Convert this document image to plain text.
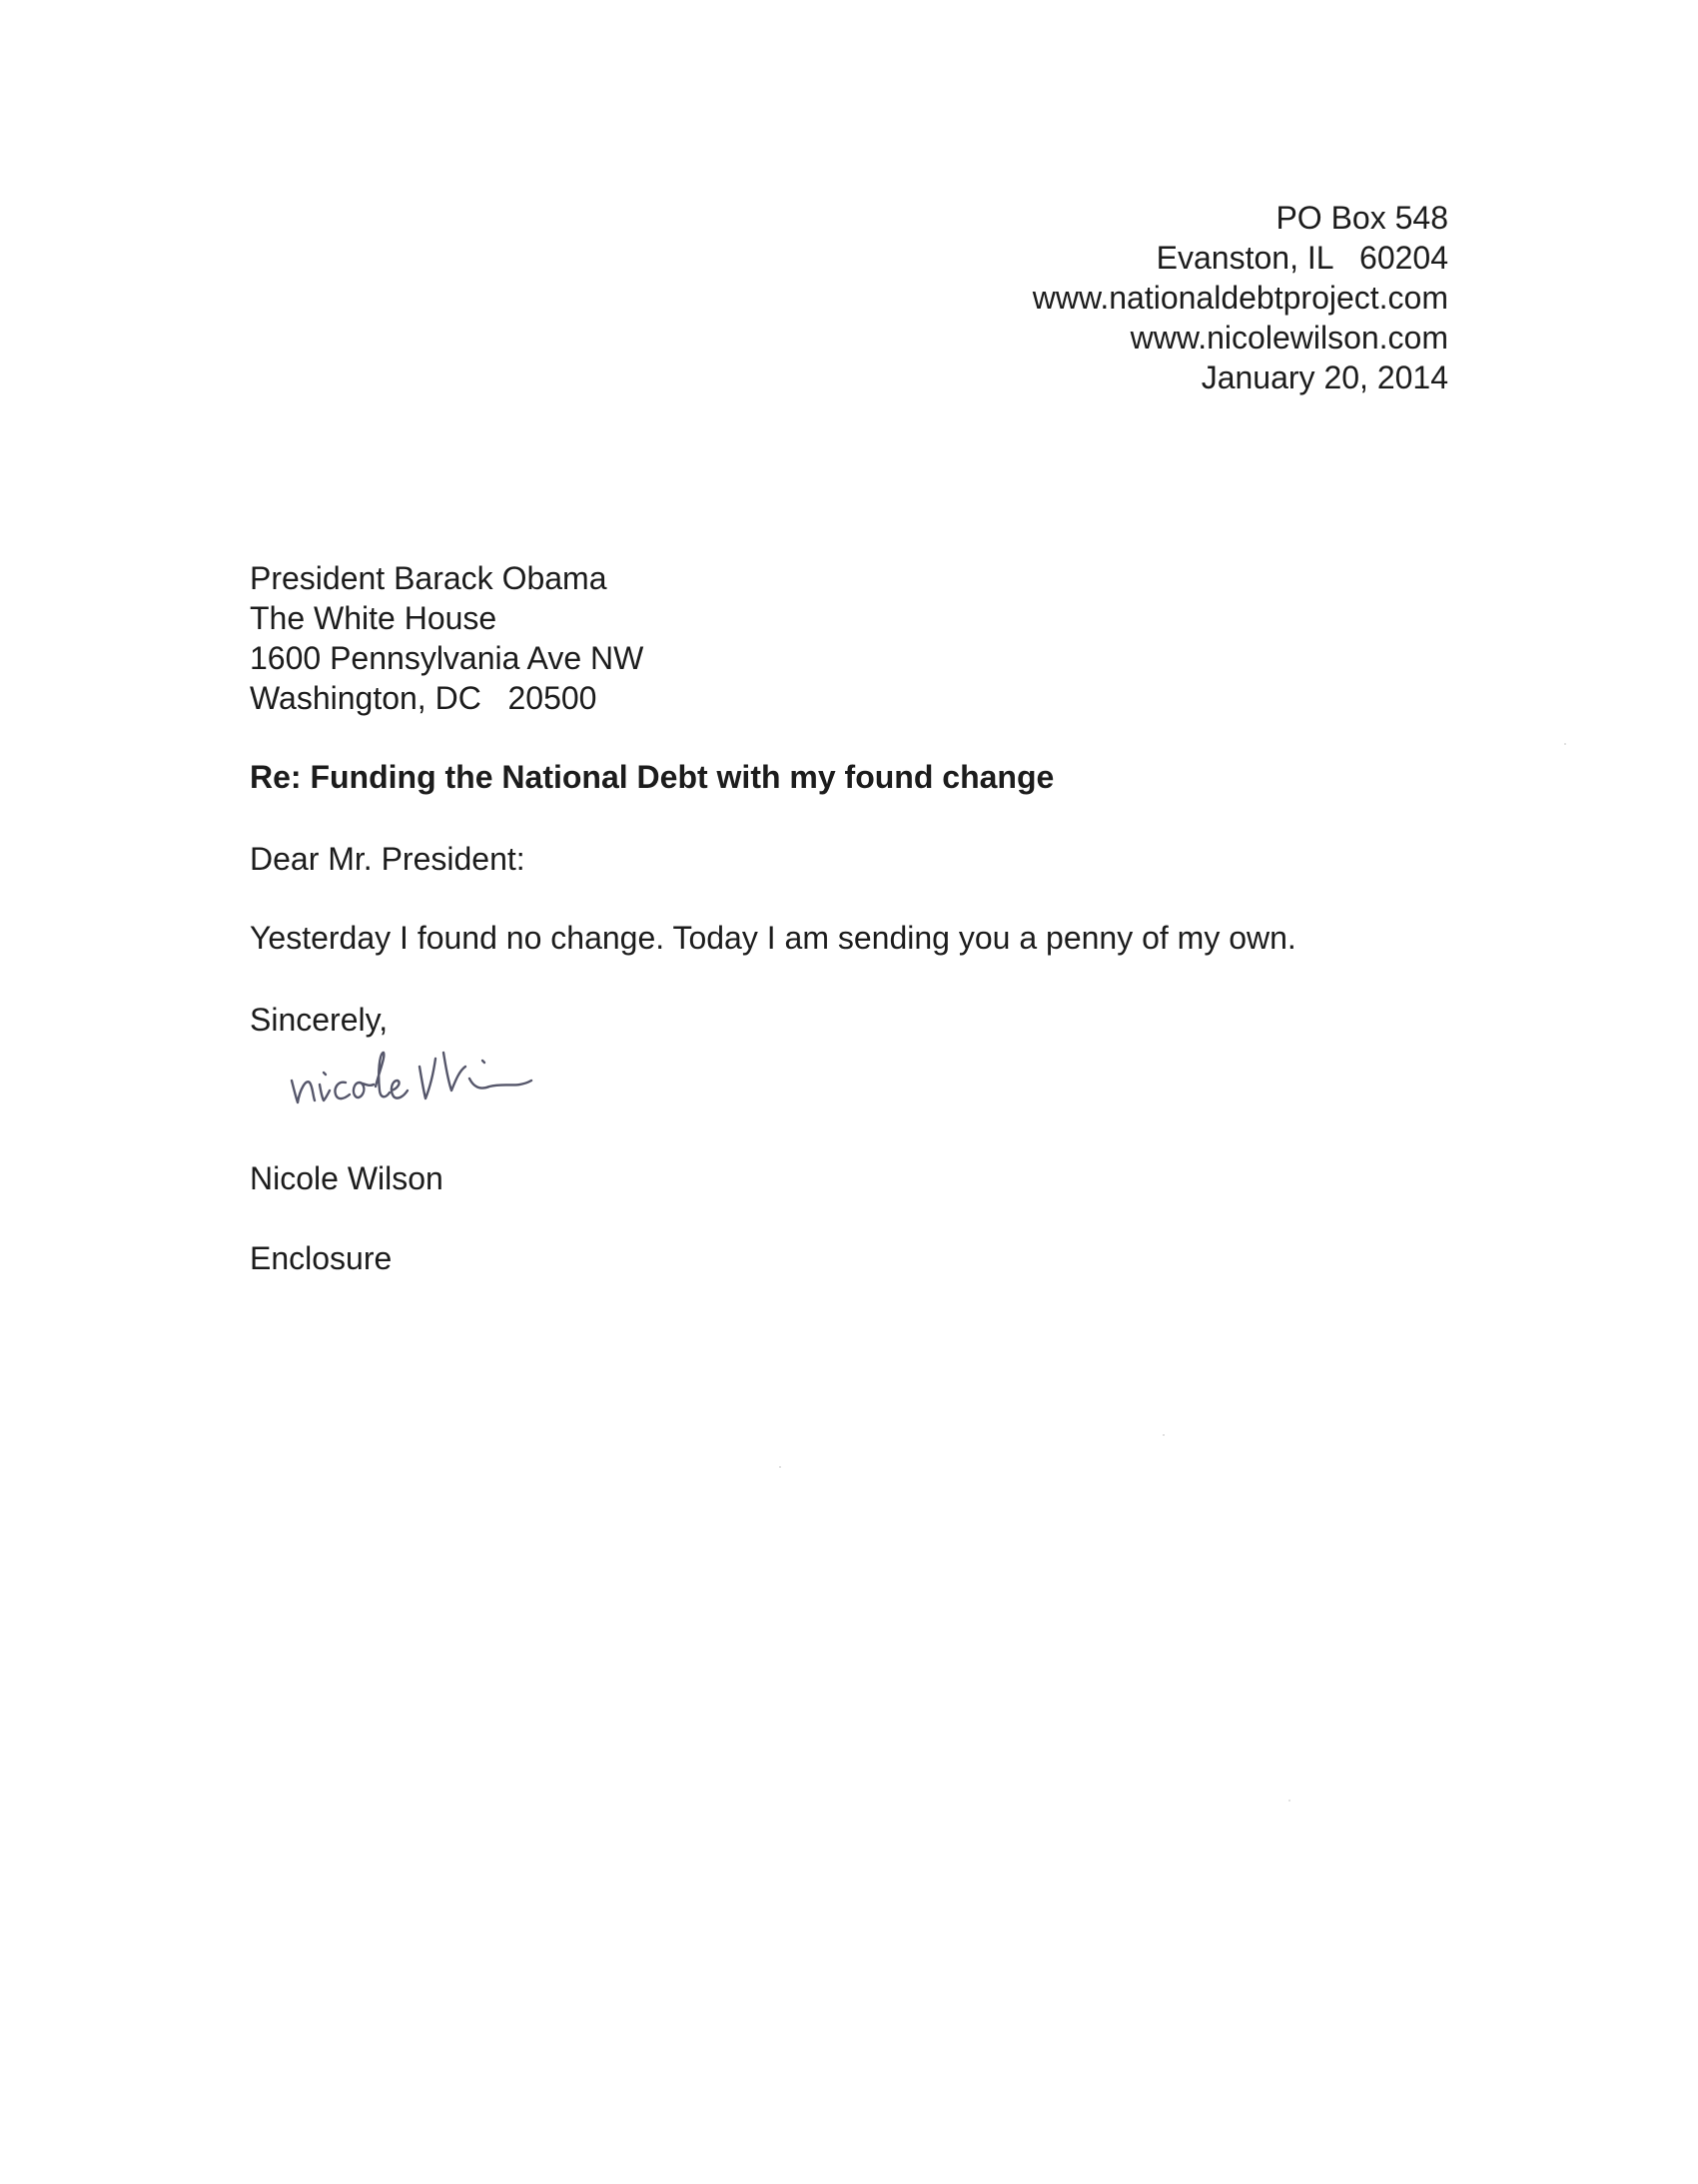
PO Box 548
Evanston, IL   60204
www.nationaldebtproject.com
www.nicolewilson.com
January 20, 2014
President Barack Obama
The White House
1600 Pennsylvania Ave NW
Washington, DC   20500
Re: Funding the National Debt with my found change
Dear Mr. President:
Yesterday I found no change. Today I am sending you a penny of my own.
Sincerely,
Nicole Wilson
Enclosure
